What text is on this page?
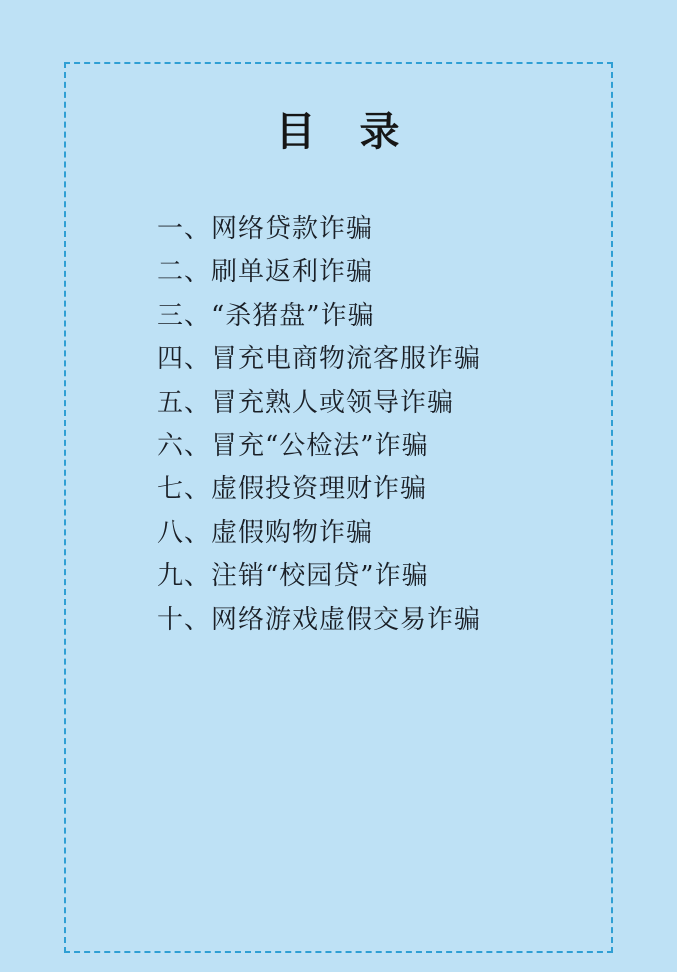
目　录
一、网络贷款诈骗
二、刷单返利诈骗
三、“杀猪盘”诈骗
四、冒充电商物流客服诈骗
五、冒充熟人或领导诈骗
六、冒充“公检法”诈骗
七、虚假投资理财诈骗
八、虚假购物诈骗
九、注销“校园贷”诈骗
十、网络游戏虚假交易诈骗
